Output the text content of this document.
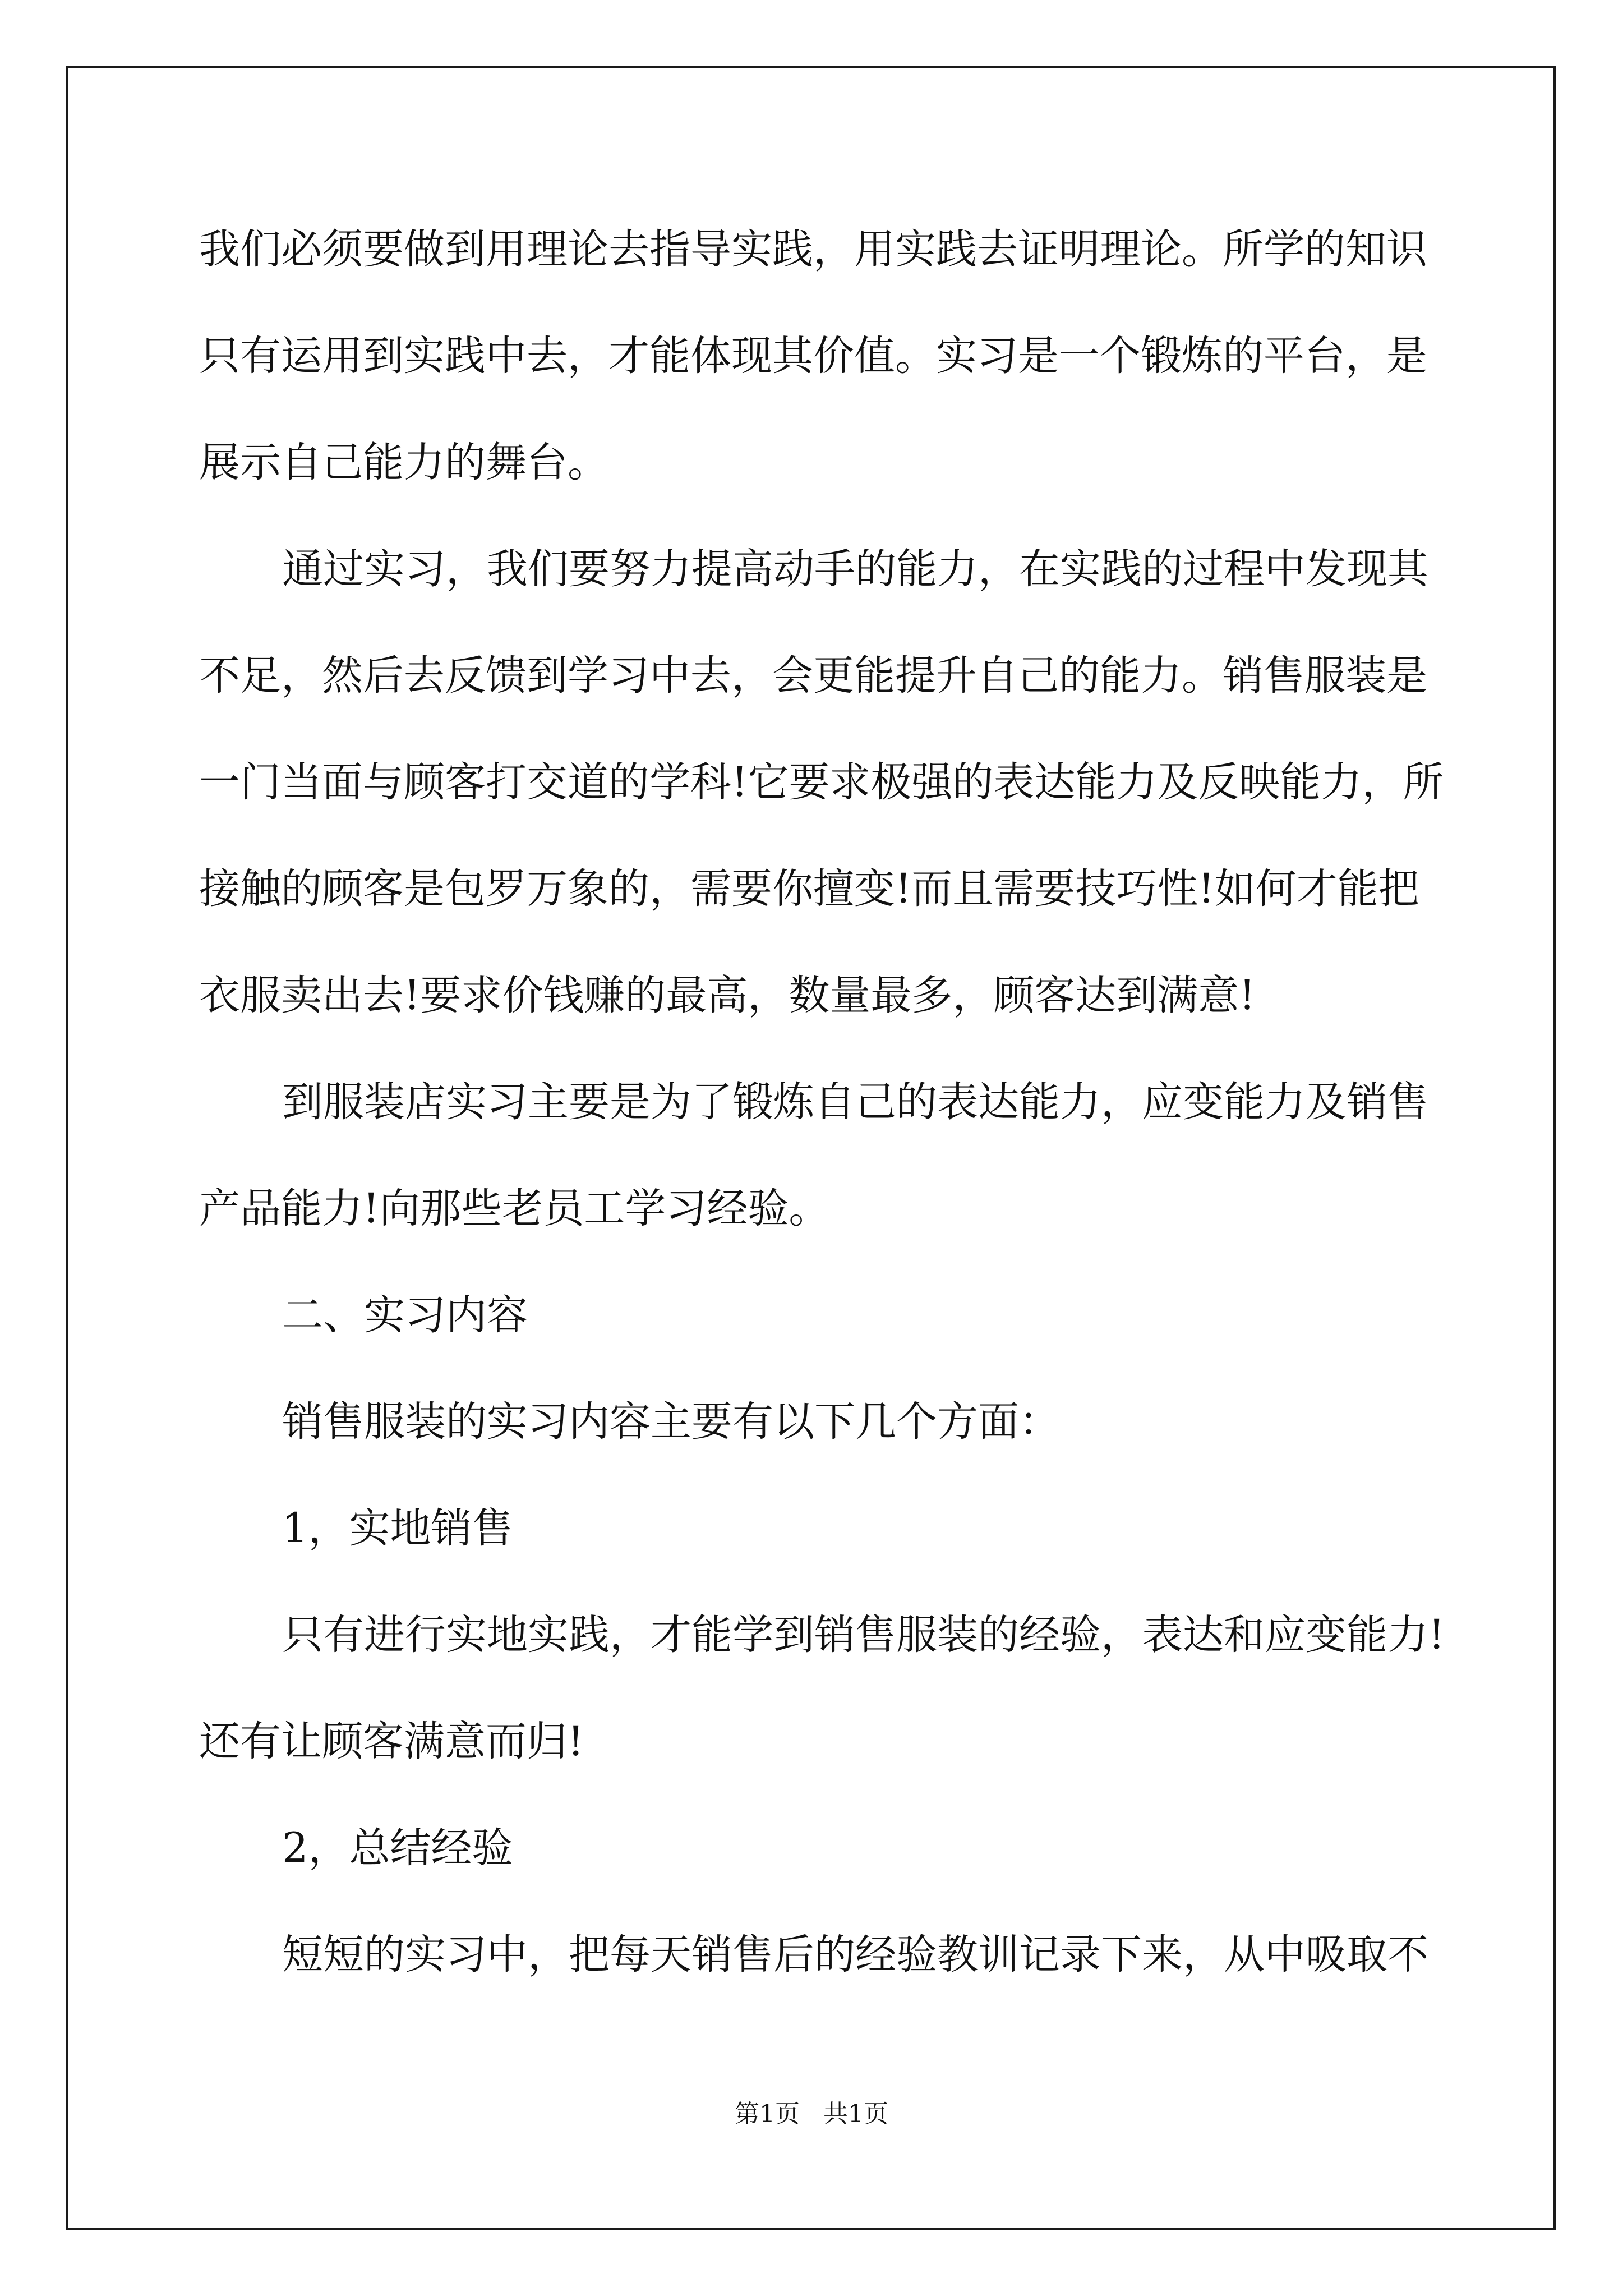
我们必须要做到用理论去指导实践，用实践去证明理论。所学的知识
只有运用到实践中去，才能体现其价值。实习是一个锻炼的平台，是
展示自己能力的舞台。
通过实习，我们要努力提高动手的能力，在实践的过程中发现其
不足，然后去反馈到学习中去，会更能提升自己的能力。销售服装是
一门当面与顾客打交道的学科!它要求极强的表达能力及反映能力，所
接触的顾客是包罗万象的，需要你擅变!而且需要技巧性!如何才能把
衣服卖出去!要求价钱赚的最高，数量最多，顾客达到满意!
到服装店实习主要是为了锻炼自己的表达能力，应变能力及销售
产品能力!向那些老员工学习经验。
二、实习内容
销售服装的实习内容主要有以下几个方面：
1，实地销售
只有进行实地实践，才能学到销售服装的经验，表达和应变能力!
还有让顾客满意而归!
2，总结经验
短短的实习中，把每天销售后的经验教训记录下来，从中吸取不
第1页   共1页
